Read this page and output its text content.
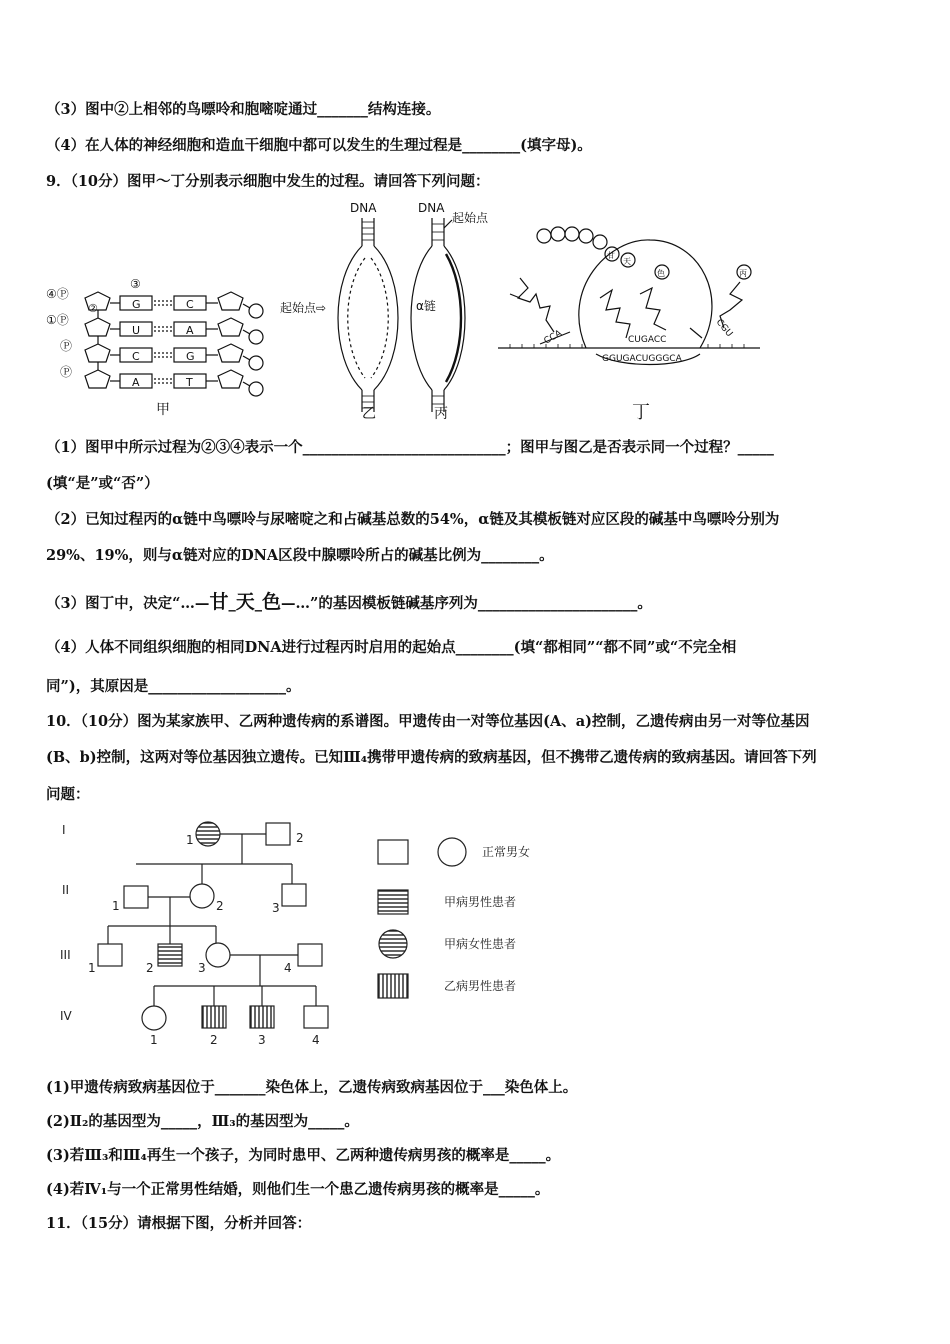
（3）图中②上相邻的鸟嘌呤和胞嘧啶通过_______结构连接。
（4）在人体的神经细胞和造血干细胞中都可以发生的生理过程是________(填字母)。
9．（10分）图甲～丁分别表示细胞中发生的过程。请回答下列问题：
④Ⓟ
①Ⓟ
Ⓟ
Ⓟ
③
②	G
U
C
A
C
A
G
T
甲
DNA
起始点⇨
乙
DNA
起始点
α链
丙
甘
天
色	丙
CCA	CGU
CUGACC
GGUGACUGGGCA
丁
（1）图甲中所示过程为②③④表示一个____________________________；图甲与图乙是否表示同一个过程？_____
(填“是”或“否”）
（2）已知过程丙的α链中鸟嘌呤与尿嘧啶之和占碱基总数的54%，α链及其模板链对应区段的碱基中鸟嘌呤分别为
29%、19%，则与α链对应的DNA区段中腺嘌呤所占的碱基比例为________。
（3）图丁中，决定“…—甘_天_色—…”的基因模板链碱基序列为______________________。
（4）人体不同组织细胞的相同DNA进行过程丙时启用的起始点________(填“都相同”“都不同”或“不完全相
同”)，其原因是___________________。
10．（10分）图为某家族甲、乙两种遗传病的系谱图。甲遗传由一对等位基因(A、a)控制，乙遗传病由另一对等位基因
(B、b)控制，这两对等位基因独立遗传。已知Ⅲ₄携带甲遗传病的致病基因，但不携带乙遗传病的致病基因。请回答下列
问题：
I
II
III
IV
1	2
1	2	3
1	2	3	4
1	2	3	4
正常男女
甲病男性患者
甲病女性患者
乙病男性患者
(1)甲遗传病致病基因位于_______染色体上，乙遗传病致病基因位于___染色体上。
(2)Ⅱ₂的基因型为_____，Ⅲ₃的基因型为_____。
(3)若Ⅲ₃和Ⅲ₄再生一个孩子，为同时患甲、乙两种遗传病男孩的概率是_____。
(4)若Ⅳ₁与一个正常男性结婚，则他们生一个患乙遗传病男孩的概率是_____。
11．（15分）请根据下图，分析并回答：
